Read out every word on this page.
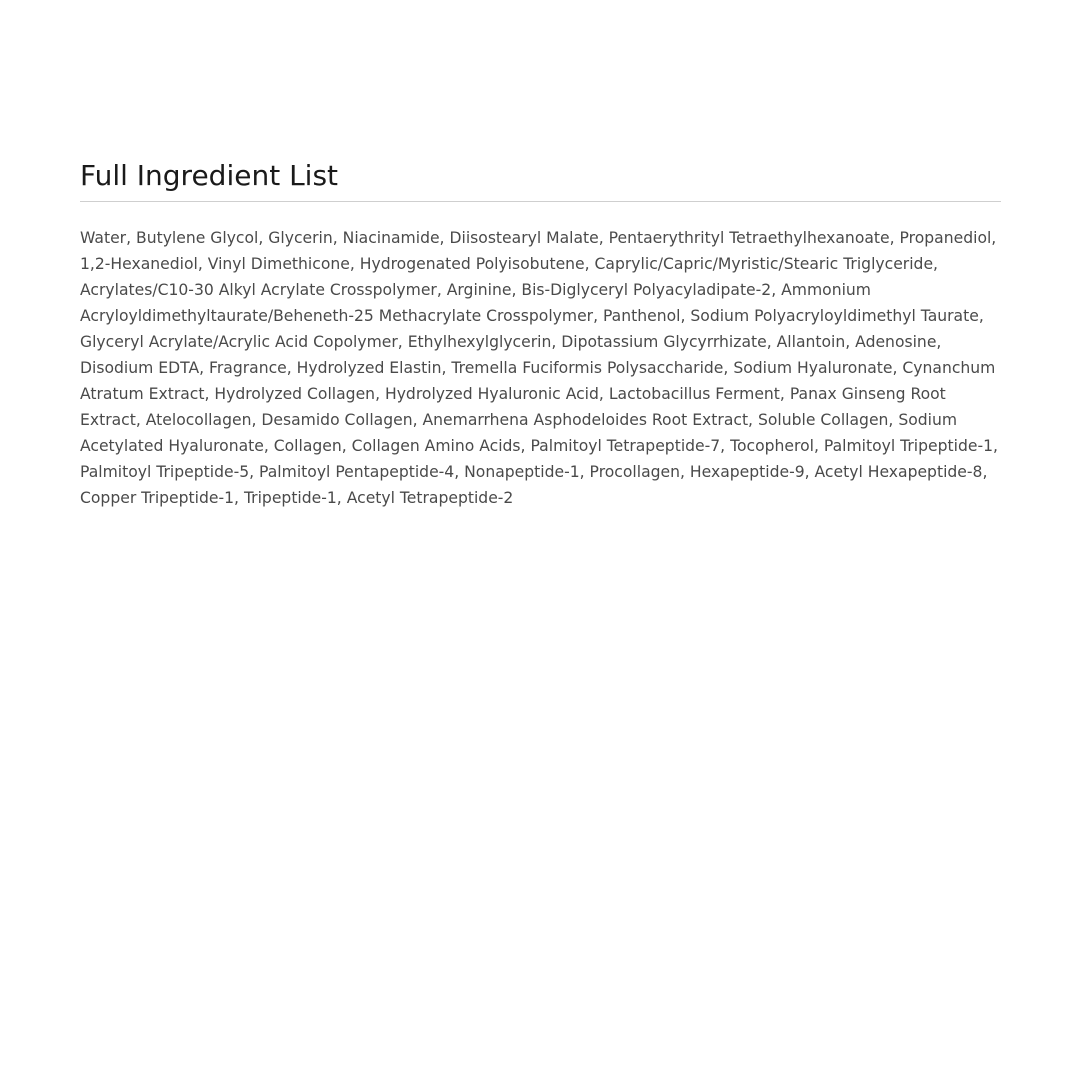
Full Ingredient List

Water, Butylene Glycol, Glycerin, Niacinamide, Diisostearyl Malate, Pentaerythrityl Tetraethylhexanoate, Propanediol, 1,2-Hexanediol, Vinyl Dimethicone, Hydrogenated Polyisobutene, Caprylic/Capric/Myristic/Stearic Triglyceride, Acrylates/C10-30 Alkyl Acrylate Crosspolymer, Arginine, Bis-Diglyceryl Polyacyladipate-2, Ammonium Acryloyldimethyltaurate/Beheneth-25 Methacrylate Crosspolymer, Panthenol, Sodium Polyacryloyldimethyl Taurate, Glyceryl Acrylate/Acrylic Acid Copolymer, Ethylhexylglycerin, Dipotassium Glycyrrhizate, Allantoin, Adenosine, Disodium EDTA, Fragrance, Hydrolyzed Elastin, Tremella Fuciformis Polysaccharide, Sodium Hyaluronate, Cynanchum Atratum Extract, Hydrolyzed Collagen, Hydrolyzed Hyaluronic Acid, Lactobacillus Ferment, Panax Ginseng Root Extract, Atelocollagen, Desamido Collagen, Anemarrhena Asphodeloides Root Extract, Soluble Collagen, Sodium Acetylated Hyaluronate, Collagen, Collagen Amino Acids, Palmitoyl Tetrapeptide-7, Tocopherol, Palmitoyl Tripeptide-1, Palmitoyl Tripeptide-5, Palmitoyl Pentapeptide-4, Nonapeptide-1, Procollagen, Hexapeptide-9, Acetyl Hexapeptide-8, Copper Tripeptide-1, Tripeptide-1, Acetyl Tetrapeptide-2
